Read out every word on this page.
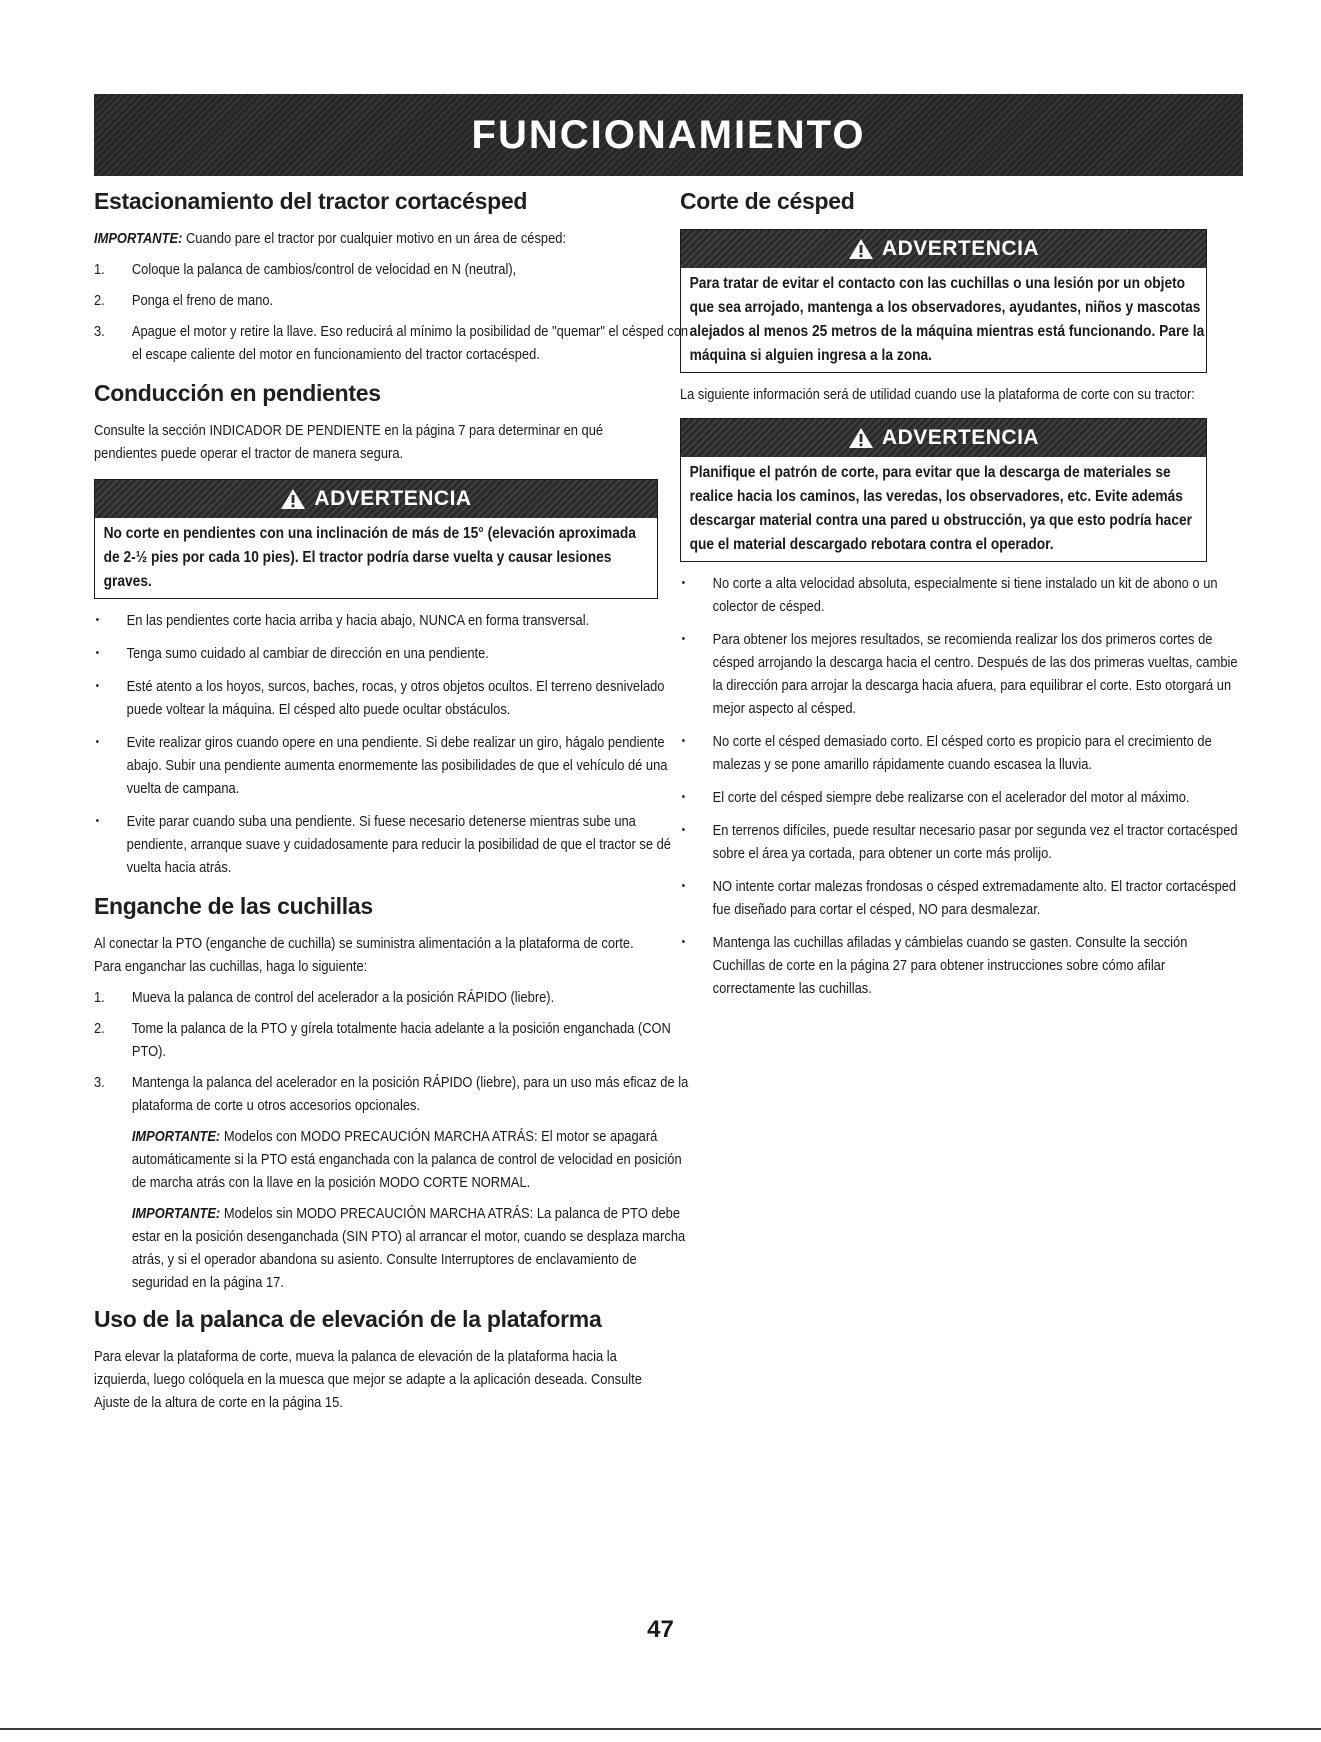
FUNCIONAMIENTO
Estacionamiento del tractor cortacésped

IMPORTANTE: Cuando pare el tractor por cualquier motivo en un área de césped:

1. Coloque la palanca de cambios/control de velocidad en N (neutral),
2. Ponga el freno de mano.
3. Apague el motor y retire la llave. Eso reducirá al mínimo la posibilidad de "quemar" el césped con el escape caliente del motor en funcionamiento del tractor cortacésped.
Conducción en pendientes

Consulte la sección INDICADOR DE PENDIENTE en la página 7 para determinar en qué pendientes puede operar el tractor de manera segura.

ADVERTENCIA
No corte en pendientes con una inclinación de más de 15° (elevación aproximada de 2-½ pies por cada 10 pies). El tractor podría darse vuelta y causar lesiones graves.
• En las pendientes corte hacia arriba y hacia abajo, NUNCA en forma transversal.
• Tenga sumo cuidado al cambiar de dirección en una pendiente.
• Esté atento a los hoyos, surcos, baches, rocas, y otros objetos ocultos. El terreno desnivelado puede voltear la máquina. El césped alto puede ocultar obstáculos.
• Evite realizar giros cuando opere en una pendiente. Si debe realizar un giro, hágalo pendiente abajo. Subir una pendiente aumenta enormemente las posibilidades de que el vehículo dé una vuelta de campana.
• Evite parar cuando suba una pendiente. Si fuese necesario detenerse mientras sube una pendiente, arranque suave y cuidadosamente para reducir la posibilidad de que el tractor se dé vuelta hacia atrás.
Enganche de las cuchillas

Al conectar la PTO (enganche de cuchilla) se suministra alimentación a la plataforma de corte. Para enganchar las cuchillas, haga lo siguiente:

1. Mueva la palanca de control del acelerador a la posición RÁPIDO (liebre).
2. Tome la palanca de la PTO y gírela totalmente hacia adelante a la posición enganchada (CON PTO).
3. Mantenga la palanca del acelerador en la posición RÁPIDO (liebre), para un uso más eficaz de la plataforma de corte u otros accesorios opcionales.

IMPORTANTE: Modelos con MODO PRECAUCIÓN MARCHA ATRÁS: El motor se apagará automáticamente si la PTO está enganchada con la palanca de control de velocidad en posición de marcha atrás con la llave en la posición MODO CORTE NORMAL.

IMPORTANTE: Modelos sin MODO PRECAUCIÓN MARCHA ATRÁS: La palanca de PTO debe estar en la posición desenganchada (SIN PTO) al arrancar el motor, cuando se desplaza marcha atrás, y si el operador abandona su asiento. Consulte Interruptores de enclavamiento de seguridad en la página 17.

Uso de la palanca de elevación de la plataforma

Para elevar la plataforma de corte, mueva la palanca de elevación de la plataforma hacia la izquierda, luego colóquela en la muesca que mejor se adapte a la aplicación deseada. Consulte Ajuste de la altura de corte en la página 15.

Corte de césped
ADVERTENCIA
Para tratar de evitar el contacto con las cuchillas o una lesión por un objeto que sea arrojado, mantenga a los observadores, ayudantes, niños y mascotas alejados al menos 25 metros de la máquina mientras está funcionando. Pare la máquina si alguien ingresa a la zona.

La siguiente información será de utilidad cuando use la plataforma de corte con su tractor:

ADVERTENCIA
Planifique el patrón de corte, para evitar que la descarga de materiales se realice hacia los caminos, las veredas, los observadores, etc. Evite además descargar material contra una pared u obstrucción, ya que esto podría hacer que el material descargado rebotara contra el operador.
• No corte a alta velocidad absoluta, especialmente si tiene instalado un kit de abono o un colector de césped.
• Para obtener los mejores resultados, se recomienda realizar los dos primeros cortes de césped arrojando la descarga hacia el centro. Después de las dos primeras vueltas, cambie la dirección para arrojar la descarga hacia afuera, para equilibrar el corte. Esto otorgará un mejor aspecto al césped.
• No corte el césped demasiado corto. El césped corto es propicio para el crecimiento de malezas y se pone amarillo rápidamente cuando escasea la lluvia.
• El corte del césped siempre debe realizarse con el acelerador del motor al máximo.
• En terrenos difíciles, puede resultar necesario pasar por segunda vez el tractor cortacésped sobre el área ya cortada, para obtener un corte más prolijo.
• NO intente cortar malezas frondosas o césped extremadamente alto. El tractor cortacésped fue diseñado para cortar el césped, NO para desmalezar.
• Mantenga las cuchillas afiladas y cámbielas cuando se gasten. Consulte la sección Cuchillas de corte en la página 27 para obtener instrucciones sobre cómo afilar correctamente las cuchillas.
47
